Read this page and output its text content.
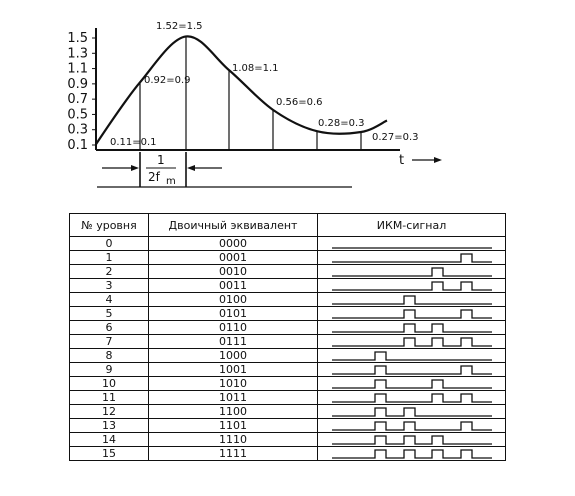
1.5
1.3
1.1
0.9
0.7
0.5
0.3
0.1 0.11=0.1
0.92=0.9
1.52=1.5
1.08=1.1
0.56=0.6
0.28=0.3
0.27=0.3
t
1
2f m
№ уровня	Двоичный эквивалент	ИКМ-сигнал
0	0000	

1	0001	

2	0010	

3	0011	

4	0100	

5	0101	

6	0110	

7	0111	

8	1000	

9	1001	

10	1010	

11	1011	

12	1100	

13	1101	

14	1110	

15	1111	
